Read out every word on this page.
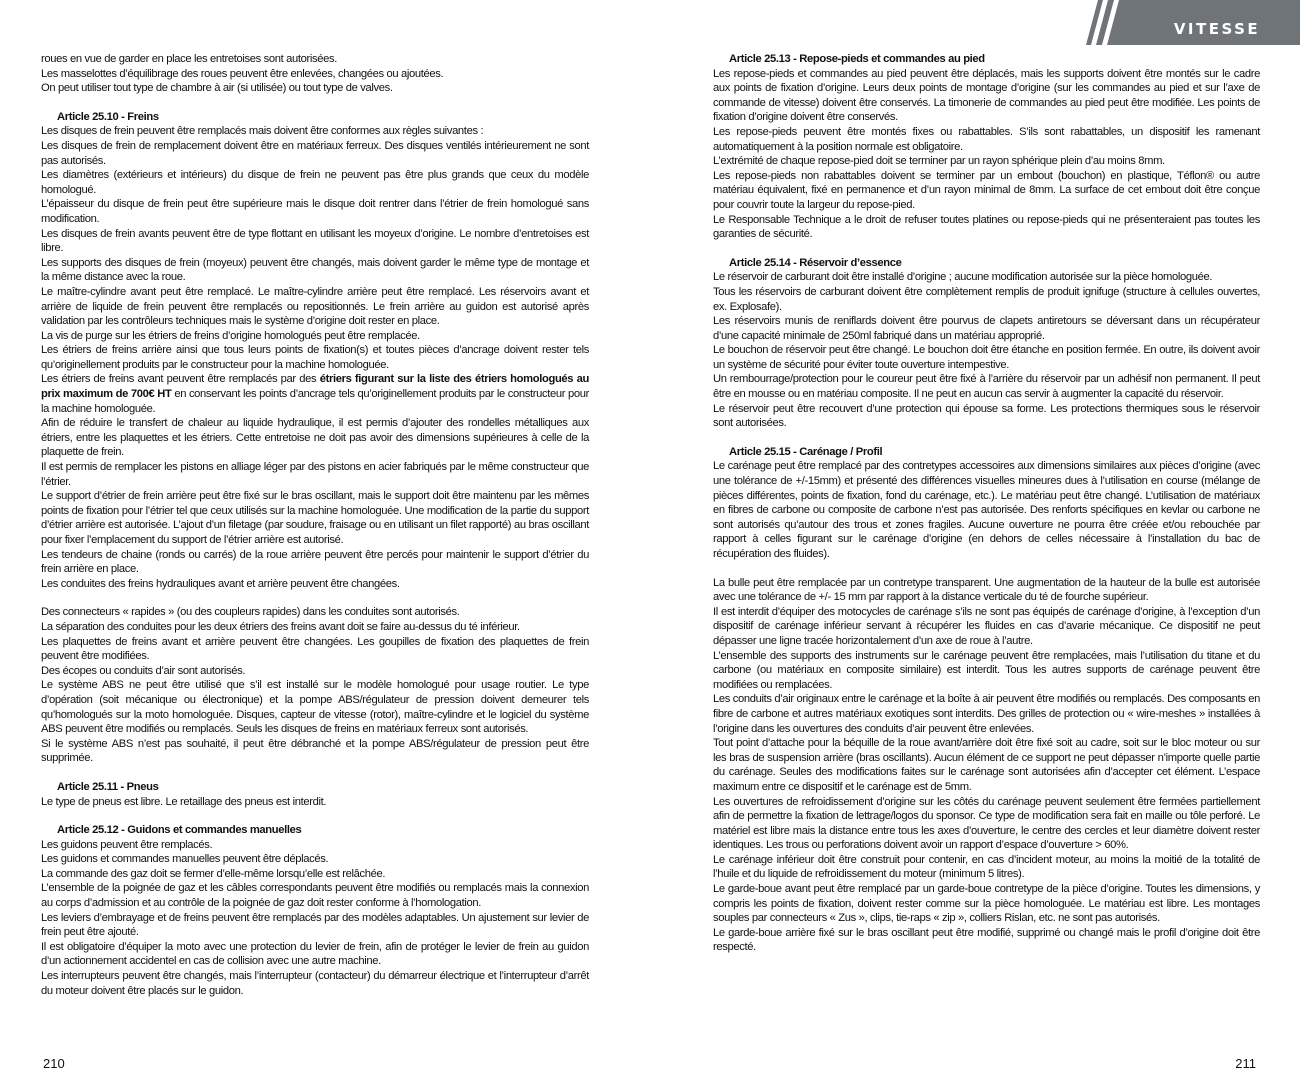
roues en vue de garder en place les entretoises sont autorisées.

Les masselottes d’équilibrage des roues peuvent être enlevées, changées ou ajoutées.

On peut utiliser tout type de chambre à air (si utilisée) ou tout type de valves.

Article 25.10 - Freins

Les disques de frein peuvent être remplacés mais doivent être conformes aux règles suivantes :

Les disques de frein de remplacement doivent être en matériaux ferreux. Des disques ventilés intérieurement ne sont pas autorisés.

Les diamètres (extérieurs et intérieurs) du disque de frein ne peuvent pas être plus grands que ceux du modèle homologué.

L’épaisseur du disque de frein peut être supérieure mais le disque doit rentrer dans l’étrier de frein homologué sans modification.

Les disques de frein avants peuvent être de type flottant en utilisant les moyeux d’origine. Le nombre d’entretoises est libre.

Les supports des disques de frein (moyeux) peuvent être changés, mais doivent garder le même type de montage et la même distance avec la roue.

Le maître-cylindre avant peut être remplacé. Le maître-cylindre arrière peut être remplacé. Les réservoirs avant et arrière de liquide de frein peuvent être remplacés ou repositionnés. Le frein arrière au guidon est autorisé après validation par les contrôleurs techniques mais le système d’origine doit rester en place.

La vis de purge sur les étriers de freins d’origine homologués peut être remplacée.

Les étriers de freins arrière ainsi que tous leurs points de fixation(s) et toutes pièces d’ancrage doivent rester tels qu’originellement produits par le constructeur pour la machine homologuée.

Les étriers de freins avant peuvent être remplacés par des étriers figurant sur la liste des étriers homologués au prix maximum de 700€ HT en conservant les points d’ancrage tels qu’originellement produits par le constructeur pour la machine homologuée.

Afin de réduire le transfert de chaleur au liquide hydraulique, il est permis d’ajouter des rondelles métalliques aux étriers, entre les plaquettes et les étriers. Cette entretoise ne doit pas avoir des dimensions supérieures à celle de la plaquette de frein.

Il est permis de remplacer les pistons en alliage léger par des pistons en acier fabriqués par le même constructeur que l’étrier.

Le support d’étrier de frein arrière peut être fixé sur le bras oscillant, mais le support doit être maintenu par les mêmes points de fixation pour l’étrier tel que ceux utilisés sur la machine homologuée. Une modification de la partie du support d’étrier arrière est autorisée. L’ajout d’un filetage (par soudure, fraisage ou en utilisant un filet rapporté) au bras oscillant pour fixer l’emplacement du support de l’étrier arrière est autorisé.

Les tendeurs de chaine (ronds ou carrés) de la roue arrière peuvent être percés pour maintenir le support d’étrier du frein arrière en place.

Les conduites des freins hydrauliques avant et arrière peuvent être changées.

Des connecteurs « rapides » (ou des coupleurs rapides) dans les conduites sont autorisés.

La séparation des conduites pour les deux étriers des freins avant doit se faire au-dessus du té inférieur.

Les plaquettes de freins avant et arrière peuvent être changées. Les goupilles de fixation des plaquettes de frein peuvent être modifiées.

Des écopes ou conduits d’air sont autorisés.

Le système ABS ne peut être utilisé que s’il est installé sur le modèle homologué pour usage routier. Le type d’opération (soit mécanique ou électronique) et la pompe ABS/régulateur de pression doivent demeurer tels qu’homologués sur la moto homologuée. Disques, capteur de vitesse (rotor), maître-cylindre et le logiciel du système ABS peuvent être modifiés ou remplacés. Seuls les disques de freins en matériaux ferreux sont autorisés.

Si le système ABS n’est pas souhaité, il peut être débranché et la pompe ABS/régulateur de pression peut être supprimée.

Article 25.11 - Pneus

Le type de pneus est libre. Le retaillage des pneus est interdit.

Article 25.12 - Guidons et commandes manuelles

Les guidons peuvent être remplacés.

Les guidons et commandes manuelles peuvent être déplacés.

La commande des gaz doit se fermer d’elle-même lorsqu’elle est relâchée.

L’ensemble de la poignée de gaz et les câbles correspondants peuvent être modifiés ou remplacés mais la connexion au corps d’admission et au contrôle de la poignée de gaz doit rester conforme à l’homologation.

Les leviers d’embrayage et de freins peuvent être remplacés par des modèles adaptables. Un ajustement sur levier de frein peut être ajouté.

Il est obligatoire d’équiper la moto avec une protection du levier de frein, afin de protéger le levier de frein au guidon d’un actionnement accidentel en cas de collision avec une autre machine.

Les interrupteurs peuvent être changés, mais l’interrupteur (contacteur) du démarreur électrique et l’interrupteur d’arrêt du moteur doivent être placés sur le guidon.

210
VITESSE
Article 25.13 - Repose-pieds et commandes au pied

Les repose-pieds et commandes au pied peuvent être déplacés, mais les supports doivent être montés sur le cadre aux points de fixation d’origine. Leurs deux points de montage d’origine (sur les commandes au pied et sur l’axe de commande de vitesse) doivent être conservés. La timonerie de commandes au pied peut être modifiée. Les points de fixation d’origine doivent être conservés.

Les repose-pieds peuvent être montés fixes ou rabattables. S’ils sont rabattables, un dispositif les ramenant automatiquement à la position normale est obligatoire.

L’extrémité de chaque repose-pied doit se terminer par un rayon sphérique plein d’au moins 8mm.

Les repose-pieds non rabattables doivent se terminer par un embout (bouchon) en plastique, Téflon® ou autre matériau équivalent, fixé en permanence et d’un rayon minimal de 8mm. La surface de cet embout doit être conçue pour couvrir toute la largeur du repose-pied.

Le Responsable Technique a le droit de refuser toutes platines ou repose-pieds qui ne présenteraient pas toutes les garanties de sécurité.

Article 25.14 - Réservoir d’essence

Le réservoir de carburant doit être installé d’origine ; aucune modification autorisée sur la pièce homologuée.

Tous les réservoirs de carburant doivent être complètement remplis de produit ignifuge (structure à cellules ouvertes, ex. Explosafe).

Les réservoirs munis de reniflards doivent être pourvus de clapets antiretours se déversant dans un récupérateur d’une capacité minimale de 250ml fabriqué dans un matériau approprié.

Le bouchon de réservoir peut être changé. Le bouchon doit être étanche en position fermée. En outre, ils doivent avoir un système de sécurité pour éviter toute ouverture intempestive.

Un rembourrage/protection pour le coureur peut être fixé à l’arrière du réservoir par un adhésif non permanent. Il peut être en mousse ou en matériau composite. Il ne peut en aucun cas servir à augmenter la capacité du réservoir.

Le réservoir peut être recouvert d’une protection qui épouse sa forme. Les protections thermiques sous le réservoir sont autorisées.

Article 25.15 - Carénage / Profil

Le carénage peut être remplacé par des contretypes accessoires aux dimensions similaires aux pièces d’origine (avec une tolérance de +/-15mm) et présenté des différences visuelles mineures dues à l’utilisation en course (mélange de pièces différentes, points de fixation, fond du carénage, etc.). Le matériau peut être changé. L’utilisation de matériaux en fibres de carbone ou composite de carbone n’est pas autorisée. Des renforts spécifiques en kevlar ou carbone ne sont autorisés qu’autour des trous et zones fragiles. Aucune ouverture ne pourra être créée et/ou rebouchée par rapport à celles figurant sur le carénage d’origine (en dehors de celles nécessaire à l’installation du bac de récupération des fluides).

La bulle peut être remplacée par un contretype transparent. Une augmentation de la hauteur de la bulle est autorisée avec une tolérance de +/- 15 mm par rapport à la distance verticale du té de fourche supérieur.

Il est interdit d’équiper des motocycles de carénage s’ils ne sont pas équipés de carénage d’origine, à l’exception d’un dispositif de carénage inférieur servant à récupérer les fluides en cas d’avarie mécanique. Ce dispositif ne peut dépasser une ligne tracée horizontalement d’un axe de roue à l’autre.

L’ensemble des supports des instruments sur le carénage peuvent être remplacées, mais l’utilisation du titane et du carbone (ou matériaux en composite similaire) est interdit. Tous les autres supports de carénage peuvent être modifiées ou remplacées.

Les conduits d’air originaux entre le carénage et la boîte à air peuvent être modifiés ou remplacés. Des composants en fibre de carbone et autres matériaux exotiques sont interdits. Des grilles de protection ou « wire-meshes » installées à l’origine dans les ouvertures des conduits d’air peuvent être enlevées.

Tout point d’attache pour la béquille de la roue avant/arrière doit être fixé soit au cadre, soit sur le bloc moteur ou sur les bras de suspension arrière (bras oscillants). Aucun élément de ce support ne peut dépasser n’importe quelle partie du carénage. Seules des modifications faites sur le carénage sont autorisées afin d’accepter cet élément. L’espace maximum entre ce dispositif et le carénage est de 5mm.

Les ouvertures de refroidissement d’origine sur les côtés du carénage peuvent seulement être fermées partiellement afin de permettre la fixation de lettrage/logos du sponsor. Ce type de modification sera fait en maille ou tôle perforé. Le matériel est libre mais la distance entre tous les axes d’ouverture, le centre des cercles et leur diamètre doivent rester identiques. Les trous ou perforations doivent avoir un rapport d’espace d’ouverture > 60%.

Le carénage inférieur doit être construit pour contenir, en cas d’incident moteur, au moins la moitié de la totalité de l’huile et du liquide de refroidissement du moteur (minimum 5 litres).

Le garde-boue avant peut être remplacé par un garde-boue contretype de la pièce d’origine. Toutes les dimensions, y compris les points de fixation, doivent rester comme sur la pièce homologuée. Le matériau est libre. Les montages souples par connecteurs « Zus », clips, tie-raps « zip », colliers Rislan, etc. ne sont pas autorisés.

Le garde-boue arrière fixé sur le bras oscillant peut être modifié, supprimé ou changé mais le profil d’origine doit être respecté.

211
